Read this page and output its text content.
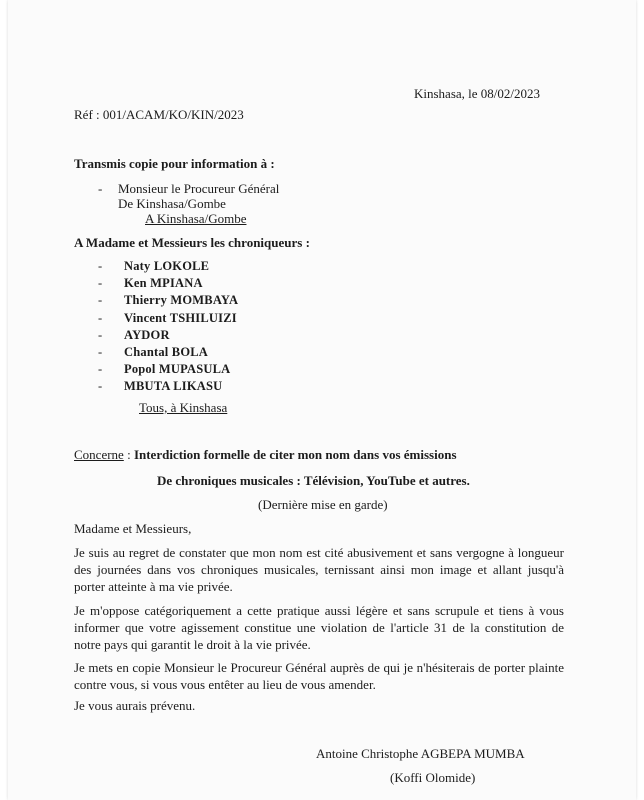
Kinshasa, le 08/02/2023
Réf : 001/ACAM/KO/KIN/2023
Transmis copie pour information à :
- Monsieur le Procureur Général
De Kinshasa/Gombe
A Kinshasa/Gombe
A Madame et Messieurs les chroniqueurs :
- Naty LOKOLE
- Ken MPIANA
- Thierry MOMBAYA
- Vincent TSHILUIZI
- AYDOR
- Chantal BOLA
- Popol MUPASULA
- MBUTA LIKASU
Tous, à Kinshasa
Concerne : Interdiction formelle de citer mon nom dans vos émissions
De chroniques musicales : Télévision, YouTube et autres.
(Dernière mise en garde)
Madame et Messieurs,
Je suis au regret de constater que mon nom est cité abusivement et sans vergogne à longueur des journées dans vos chroniques musicales, ternissant ainsi mon image et allant jusqu'à porter atteinte à ma vie privée.
Je m'oppose catégoriquement a cette pratique aussi légère et sans scrupule et tiens à vous informer que votre agissement constitue une violation de l'article 31 de la constitution de notre pays qui garantit le droit à la vie privée.
Je mets en copie Monsieur le Procureur Général auprès de qui je n'hésiterais de porter plainte contre vous, si vous vous entêter au lieu de vous amender.
Je vous aurais prévenu.
Antoine Christophe AGBEPA MUMBA
(Koffi Olomide)
